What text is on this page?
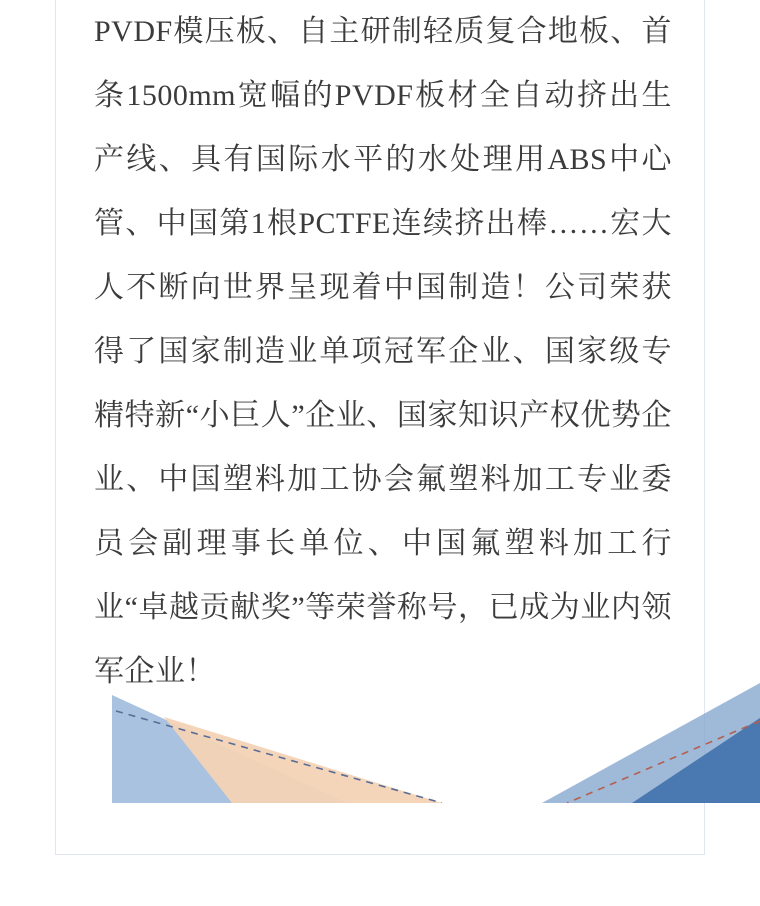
PVDF模压板、自主研制轻质复合地板、首条1500mm宽幅的PVDF板材全自动挤出生产线、具有国际水平的水处理用ABS中心管、中国第1根PCTFE连续挤出棒……宏大人不断向世界呈现着中国制造！公司荣获得了国家制造业单项冠军企业、国家级专精特新“小巨人”企业、国家知识产权优势企业、中国塑料加工协会氟塑料加工专业委员会副理事长单位、中国氟塑料加工行业“卓越贡献奖”等荣誉称号，已成为业内领军企业！
